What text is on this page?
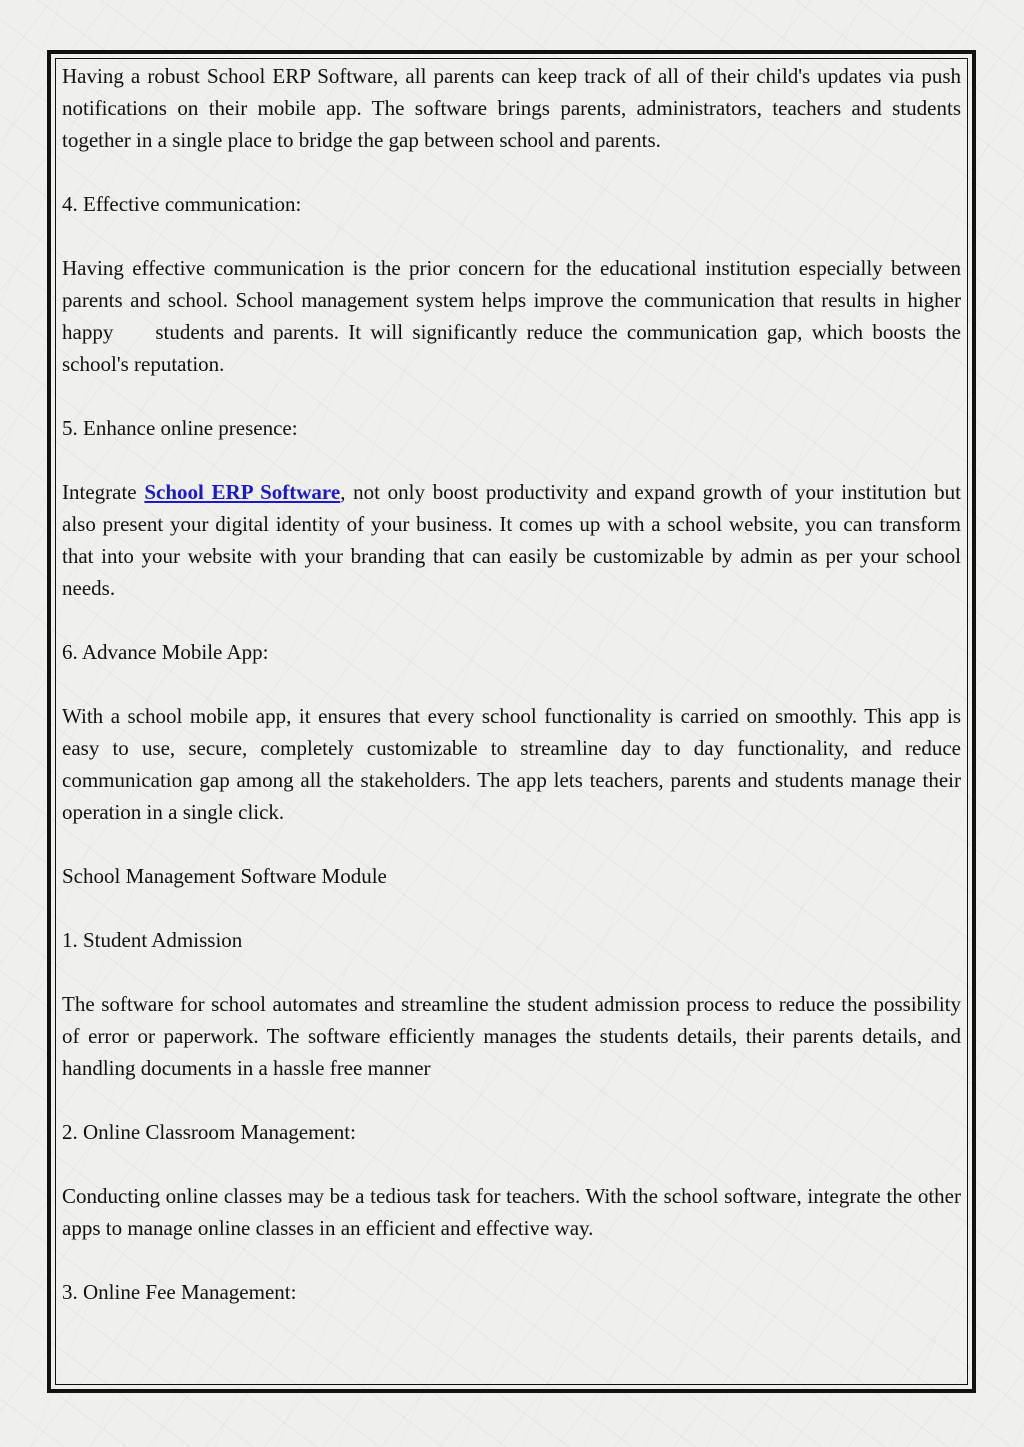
Having a robust School ERP Software, all parents can keep track of all of their child's updates via push notifications on their mobile app. The software brings parents, administrators, teachers and students together in a single place to bridge the gap between school and parents.

4. Effective communication:

Having effective communication is the prior concern for the educational institution especially between parents and school. School management system helps improve the communication that results in higher happy students and parents. It will significantly reduce the communication gap, which boosts the school's reputation.

5. Enhance online presence:

Integrate School ERP Software, not only boost productivity and expand growth of your institution but also present your digital identity of your business. It comes up with a school website, you can transform that into your website with your branding that can easily be customizable by admin as per your school needs.

6. Advance Mobile App:

With a school mobile app, it ensures that every school functionality is carried on smoothly. This app is easy to use, secure, completely customizable to streamline day to day functionality, and reduce communication gap among all the stakeholders. The app lets teachers, parents and students manage their operation in a single click.

School Management Software Module

1. Student Admission

The software for school automates and streamline the student admission process to reduce the possibility of error or paperwork. The software efficiently manages the students details, their parents details, and handling documents in a hassle free manner

2. Online Classroom Management:

Conducting online classes may be a tedious task for teachers. With the school software, integrate the other apps to manage online classes in an efficient and effective way.

3. Online Fee Management:
